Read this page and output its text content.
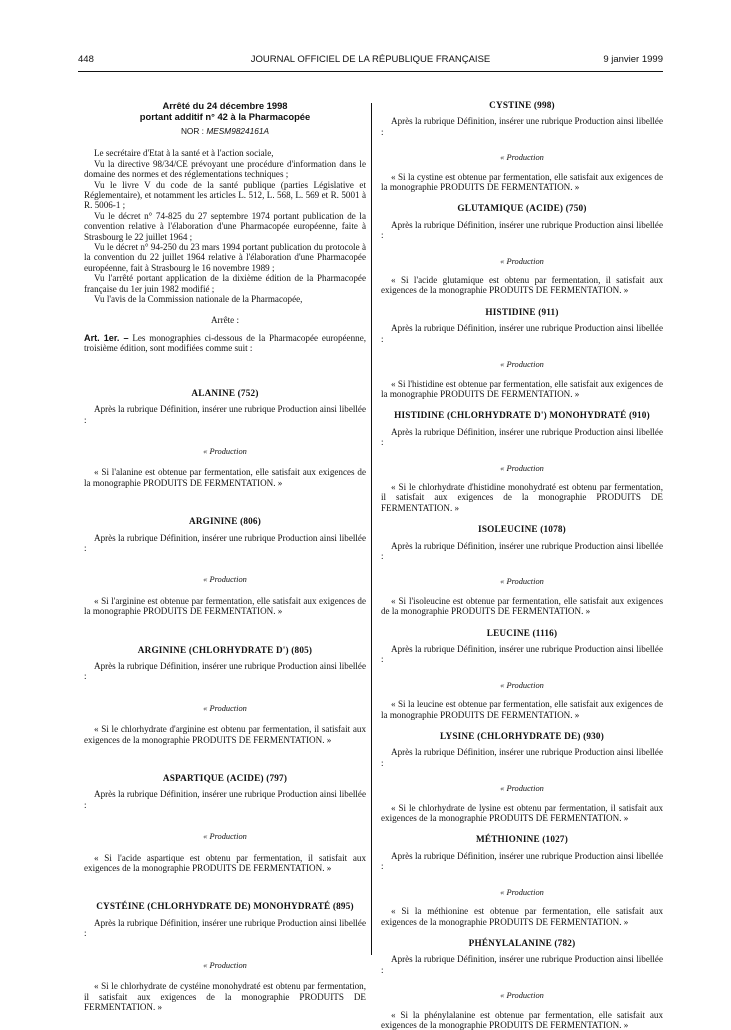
448	JOURNAL OFFICIEL DE LA RÉPUBLIQUE FRANÇAISE	9 janvier 1999
Arrêté du 24 décembre 1998
portant additif n° 42 à la Pharmacopée
NOR : MESM9824161A

Le secrétaire d'Etat à la santé et à l'action sociale,

Vu la directive 98/34/CE prévoyant une procédure d'information dans le domaine des normes et des réglementations techniques ;

Vu le livre V du code de la santé publique (parties Législative et Réglementaire), et notamment les articles L. 512, L. 568, L. 569 et R. 5001 à R. 5006-1 ;

Vu le décret n° 74-825 du 27 septembre 1974 portant publication de la convention relative à l'élaboration d'une Pharmacopée européenne, faite à Strasbourg le 22 juillet 1964 ;

Vu le décret n° 94-250 du 23 mars 1994 portant publication du protocole à la convention du 22 juillet 1964 relative à l'élaboration d'une Pharmacopée européenne, fait à Strasbourg le 16 novembre 1989 ;

Vu l'arrêté portant application de la dixième édition de la Pharmacopée française du 1er juin 1982 modifié ;

Vu l'avis de la Commission nationale de la Pharmacopée,

Arrête :

Art. 1er. – Les monographies ci-dessous de la Pharmacopée européenne, troisième édition, sont modifiées comme suit :

ALANINE (752)

Après la rubrique Définition, insérer une rubrique Production ainsi libellée :

« Production

« Si l'alanine est obtenue par fermentation, elle satisfait aux exigences de la monographie PRODUITS DE FERMENTATION. »

ARGININE (806)

Après la rubrique Définition, insérer une rubrique Production ainsi libellée :

« Production

« Si l'arginine est obtenue par fermentation, elle satisfait aux exigences de la monographie PRODUITS DE FERMENTATION. »

ARGININE (CHLORHYDRATE D') (805)

Après la rubrique Définition, insérer une rubrique Production ainsi libellée :

« Production

« Si le chlorhydrate d'arginine est obtenu par fermentation, il satisfait aux exigences de la monographie PRODUITS DE FERMENTATION. »

ASPARTIQUE (ACIDE) (797)

Après la rubrique Définition, insérer une rubrique Production ainsi libellée :

« Production

« Si l'acide aspartique est obtenu par fermentation, il satisfait aux exigences de la monographie PRODUITS DE FERMENTATION. »

CYSTÉINE (CHLORHYDRATE DE) MONOHYDRATÉ (895)

Après la rubrique Définition, insérer une rubrique Production ainsi libellée :

« Production

« Si le chlorhydrate de cystéine monohydraté est obtenu par fermentation, il satisfait aux exigences de la monographie PRODUITS DE FERMENTATION. »

CYSTINE (998)

Après la rubrique Définition, insérer une rubrique Production ainsi libellée :

« Production

« Si la cystine est obtenue par fermentation, elle satisfait aux exigences de la monographie PRODUITS DE FERMENTATION. »

GLUTAMIQUE (ACIDE) (750)

Après la rubrique Définition, insérer une rubrique Production ainsi libellée :

« Production

« Si l'acide glutamique est obtenu par fermentation, il satisfait aux exigences de la monographie PRODUITS DE FERMENTATION. »

HISTIDINE (911)

Après la rubrique Définition, insérer une rubrique Production ainsi libellée :

« Production

« Si l'histidine est obtenue par fermentation, elle satisfait aux exigences de la monographie PRODUITS DE FERMENTATION. »

HISTIDINE (CHLORHYDRATE D') MONOHYDRATÉ (910)

Après la rubrique Définition, insérer une rubrique Production ainsi libellée :

« Production

« Si le chlorhydrate d'histidine monohydraté est obtenu par fermentation, il satisfait aux exigences de la monographie PRODUITS DE FERMENTATION. »

ISOLEUCINE (1078)

Après la rubrique Définition, insérer une rubrique Production ainsi libellée :

« Production

« Si l'isoleucine est obtenue par fermentation, elle satisfait aux exigences de la monographie PRODUITS DE FERMENTATION. »

LEUCINE (1116)

Après la rubrique Définition, insérer une rubrique Production ainsi libellée :

« Production

« Si la leucine est obtenue par fermentation, elle satisfait aux exigences de la monographie PRODUITS DE FERMENTATION. »

LYSINE (CHLORHYDRATE DE) (930)

Après la rubrique Définition, insérer une rubrique Production ainsi libellée :

« Production

« Si le chlorhydrate de lysine est obtenu par fermentation, il satisfait aux exigences de la monographie PRODUITS DE FERMENTATION. »

MÉTHIONINE (1027)

Après la rubrique Définition, insérer une rubrique Production ainsi libellée :

« Production

« Si la méthionine est obtenue par fermentation, elle satisfait aux exigences de la monographie PRODUITS DE FERMENTATION. »

PHÉNYLALANINE (782)

Après la rubrique Définition, insérer une rubrique Production ainsi libellée :

« Production

« Si la phénylalanine est obtenue par fermentation, elle satisfait aux exigences de la monographie PRODUITS DE FERMENTATION. »
